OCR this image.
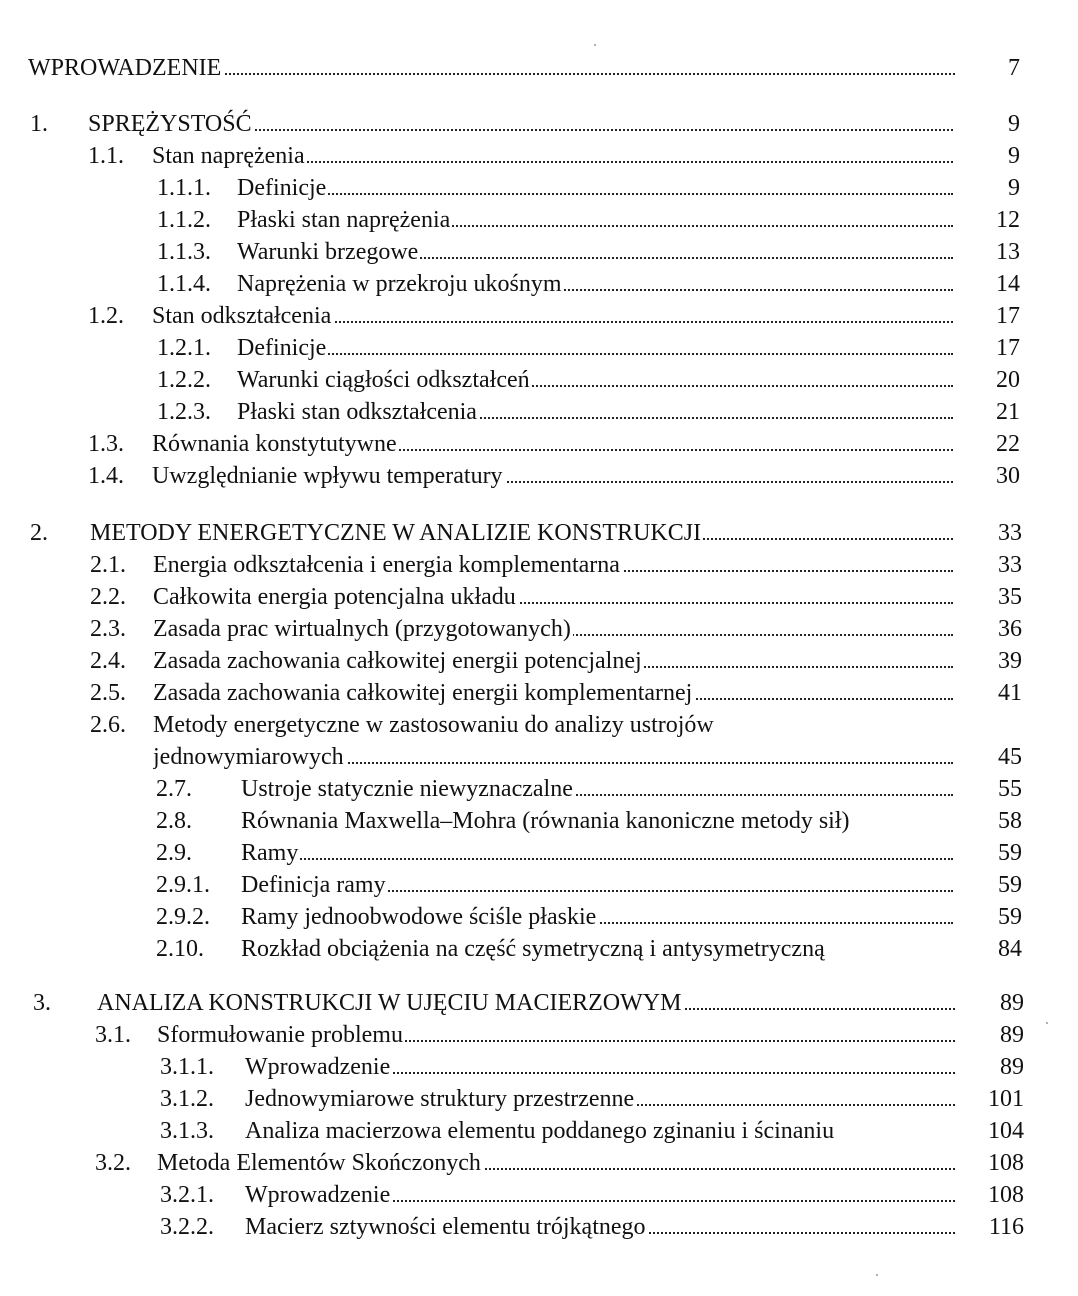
WPROWADZENIE	7
1. SPRĘŻYSTOŚĆ	9
1.1. Stan naprężenia	9
1.1.1. Definicje	9
1.1.2. Płaski stan naprężenia	12
1.1.3. Warunki brzegowe	13
1.1.4. Naprężenia w przekroju ukośnym	14
1.2. Stan odkształcenia	17
1.2.1. Definicje	17
1.2.2. Warunki ciągłości odkształceń	20
1.2.3. Płaski stan odkształcenia	21
1.3. Równania konstytutywne	22
1.4. Uwzględnianie wpływu temperatury	30
2. METODY ENERGETYCZNE W ANALIZIE KONSTRUKCJI	33
2.1. Energia odkształcenia i energia komplementarna	33
2.2. Całkowita energia potencjalna układu	35
2.3. Zasada prac wirtualnych (przygotowanych)	36
2.4. Zasada zachowania całkowitej energii potencjalnej	39
2.5. Zasada zachowania całkowitej energii komplementarnej	41
2.6. Metody energetyczne w zastosowaniu do analizy ustrojów
jednowymiarowych	45
2.7. Ustroje statycznie niewyznaczalne	55
2.8. Równania Maxwella–Mohra (równania kanoniczne metody sił)	58
2.9. Ramy	59
2.9.1. Definicja ramy	59
2.9.2. Ramy jednoobwodowe ściśle płaskie	59
2.10. Rozkład obciążenia na część symetryczną i antysymetryczną	84
3. ANALIZA KONSTRUKCJI W UJĘCIU MACIERZOWYM	89
3.1. Sformułowanie problemu	89
3.1.1. Wprowadzenie	89
3.1.2. Jednowymiarowe struktury przestrzenne	101
3.1.3. Analiza macierzowa elementu poddanego zginaniu i ścinaniu	104
3.2. Metoda Elementów Skończonych	108
3.2.1. Wprowadzenie	108
3.2.2. Macierz sztywności elementu trójkątnego	116
